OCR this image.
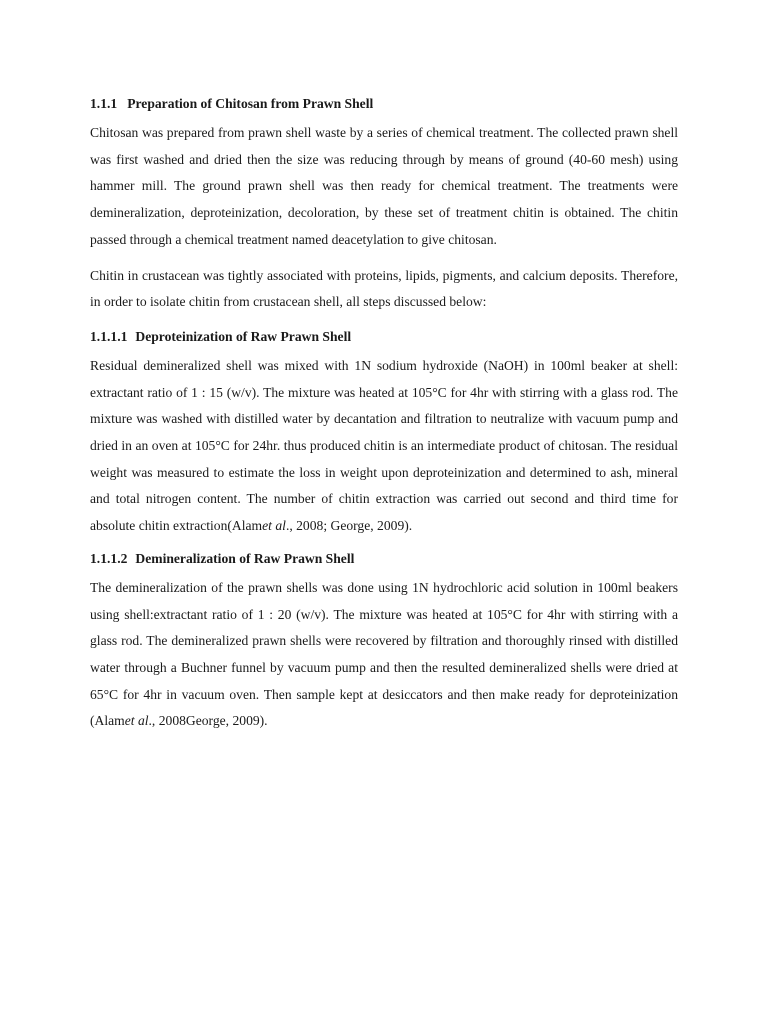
1.1.1 Preparation of Chitosan from Prawn Shell

Chitosan was prepared from prawn shell waste by a series of chemical treatment. The collected prawn shell was first washed and dried then the size was reducing through by means of ground (40-60 mesh) using hammer mill. The ground prawn shell was then ready for chemical treatment. The treatments were demineralization, deproteinization, decoloration, by these set of treatment chitin is obtained. The chitin passed through a chemical treatment named deacetylation to give chitosan.

Chitin in crustacean was tightly associated with proteins, lipids, pigments, and calcium deposits. Therefore, in order to isolate chitin from crustacean shell, all steps discussed below:

1.1.1.1 Deproteinization of Raw Prawn Shell

Residual demineralized shell was mixed with 1N sodium hydroxide (NaOH) in 100ml beaker at shell: extractant ratio of 1 : 15 (w/v). The mixture was heated at 105°C for 4hr with stirring with a glass rod. The mixture was washed with distilled water by decantation and filtration to neutralize with vacuum pump and dried in an oven at 105°C for 24hr. thus produced chitin is an intermediate product of chitosan. The residual weight was measured to estimate the loss in weight upon deproteinization and determined to ash, mineral and total nitrogen content. The number of chitin extraction was carried out second and third time for absolute chitin extraction(Alamet al., 2008; George, 2009).

1.1.1.2 Demineralization of Raw Prawn Shell

The demineralization of the prawn shells was done using 1N hydrochloric acid solution in 100ml beakers using shell:extractant ratio of 1 : 20 (w/v). The mixture was heated at 105°C for 4hr with stirring with a glass rod. The demineralized prawn shells were recovered by filtration and thoroughly rinsed with distilled water through a Buchner funnel by vacuum pump and then the resulted demineralized shells were dried at 65°C for 4hr in vacuum oven. Then sample kept at desiccators and then make ready for deproteinization (Alamet al., 2008George, 2009).
